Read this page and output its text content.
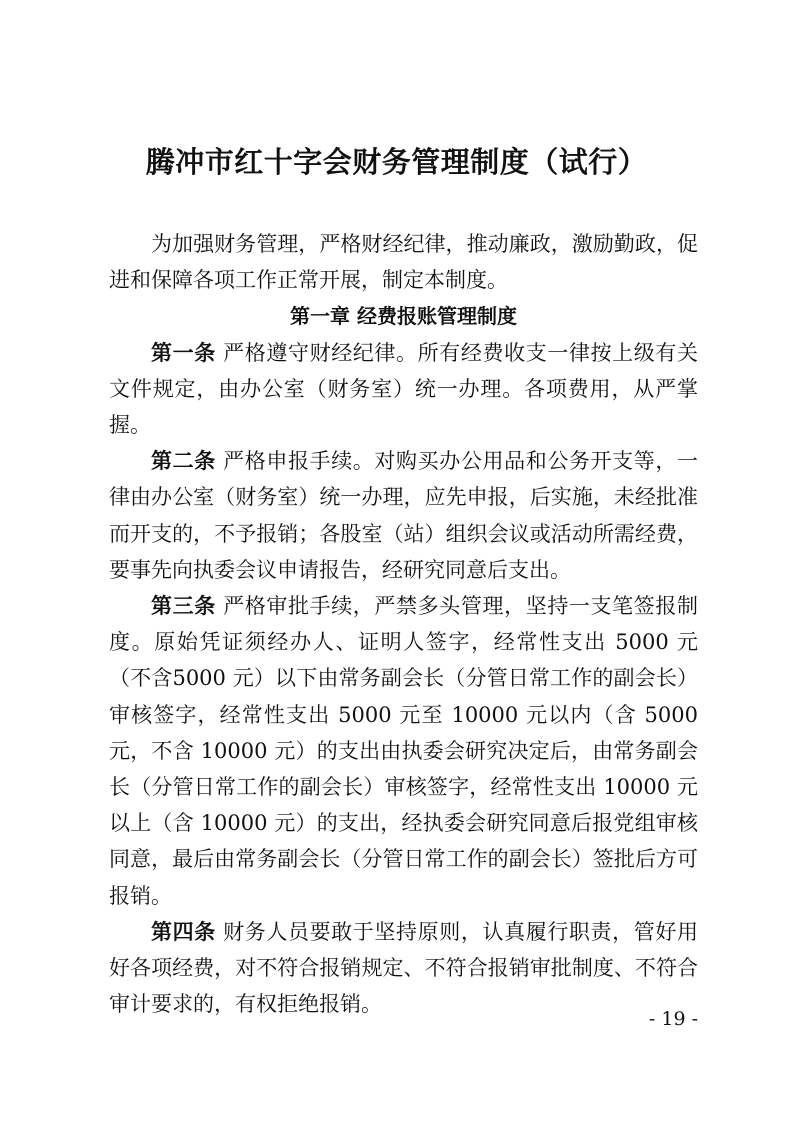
腾冲市红十字会财务管理制度（试行）

为加强财务管理，严格财经纪律，推动廉政，激励勤政，促进和保障各项工作正常开展，制定本制度。

第一章 经费报账管理制度

第一条 严格遵守财经纪律。所有经费收支一律按上级有关文件规定，由办公室（财务室）统一办理。各项费用，从严掌握。

第二条 严格申报手续。对购买办公用品和公务开支等，一律由办公室（财务室）统一办理，应先申报，后实施，未经批准而开支的，不予报销；各股室（站）组织会议或活动所需经费，要事先向执委会议申请报告，经研究同意后支出。

第三条 严格审批手续，严禁多头管理，坚持一支笔签报制度。原始凭证须经办人、证明人签字，经常性支出 5000 元（不含5000 元）以下由常务副会长（分管日常工作的副会长）审核签字，经常性支出 5000 元至 10000 元以内（含 5000 元，不含 10000 元）的支出由执委会研究决定后，由常务副会长（分管日常工作的副会长）审核签字，经常性支出 10000 元以上（含 10000 元）的支出，经执委会研究同意后报党组审核同意，最后由常务副会长（分管日常工作的副会长）签批后方可报销。

第四条 财务人员要敢于坚持原则，认真履行职责，管好用好各项经费，对不符合报销规定、不符合报销审批制度、不符合审计要求的，有权拒绝报销。

- 19 -
